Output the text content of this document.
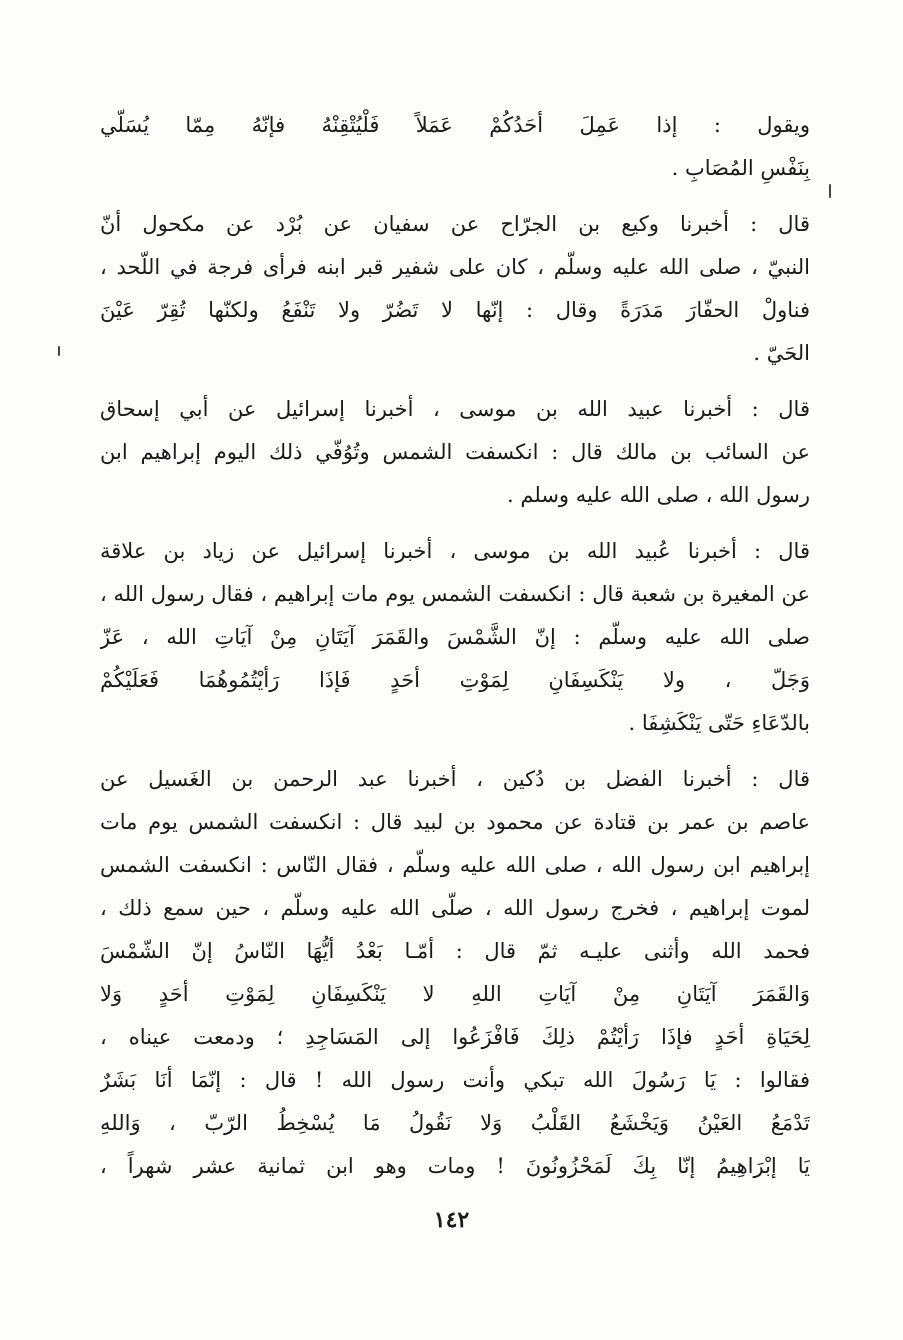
ويقول : إذا عَمِلَ أحَدُكُمْ عَمَلاً فَلْيُتْقِنْهُ فإنّهُ مِمّا يُسَلّي
بِنَفْسِ المُصَابِ .
قال : أخبرنا وكيع بن الجرّاح عن سفيان عن بُرْد عن مكحول أنّ
النبيّ ، صلى الله عليه وسلّم ، كان على شفير قبر ابنه فرأى فرجة في اللّحد ،
فناولْ الحفّارَ مَدَرَةً وقال : إنّها لا تَضُرّ ولا تَنْفَعُ ولكنّها تُقِرّ عَيْنَ
الحَيّ .
قال : أخبرنا عبيد الله بن موسى ، أخبرنا إسرائيل عن أبي إسحاق
عن السائب بن مالك قال : انكسفت الشمس وتُوُفّي ذلك اليوم إبراهيم ابن
رسول الله ، صلى الله عليه وسلم .
قال : أخبرنا عُبيد الله بن موسى ، أخبرنا إسرائيل عن زياد بن علاقة
عن المغيرة بن شعبة قال : انكسفت الشمس يوم مات إبراهيم ، فقال رسول الله ،
صلى الله عليه وسلّم : إنّ الشَّمْسَ والقَمَرَ آيَتَانِ مِنْ آيَاتِ الله ، عَزّ
وَجَلّ ، ولا يَنْكَسِفَانِ لِمَوْتِ أحَدٍ فَإذَا رَأيْتُمُوهُمَا فَعَلَيْكُمْ
بالدّعَاءِ حَتّى يَنْكَشِفَا .
قال : أخبرنا الفضل بن دُكين ، أخبرنا عبد الرحمن بن الغَسيل عن
عاصم بن عمر بن قتادة عن محمود بن لبيد قال : انكسفت الشمس يوم مات
إبراهيم ابن رسول الله ، صلى الله عليه وسلّم ، فقال النّاس : انكسفت الشمس
لموت إبراهيم ، فخرج رسول الله ، صلّى الله عليه وسلّم ، حين سمع ذلك ،
فحمد الله وأثنى عليـه ثمّ قال : أمّـا بَعْدُ أيُّهَا النّاسُ إنّ الشّمْسَ
وَالقَمَرَ آيَتَانِ مِنْ آيَاتِ اللهِ لا يَنْكَسِفَانِ لِمَوْتِ أحَدٍ وَلا
لِحَيَاةِ أحَدٍ فإذَا رَأيْتُمْ ذلِكَ فَافْزَعُوا إلى المَسَاجِدِ ؛ ودمعت عيناه ،
فقالوا : يَا رَسُولَ الله تبكي وأنت رسول الله ! قال : إنّمَا أنَا بَشَرٌ
تَدْمَعُ العَيْنُ وَيَخْشَعُ القَلْبُ وَلا نَقُولُ مَا يُسْخِطُ الرّبّ ، وَاللهِ
يَا إبْرَاهِيمُ إنّا بِكَ لَمَحْزُونُونَ ! ومات وهو ابن ثمانية عشر شهراً ،
١٤٢
